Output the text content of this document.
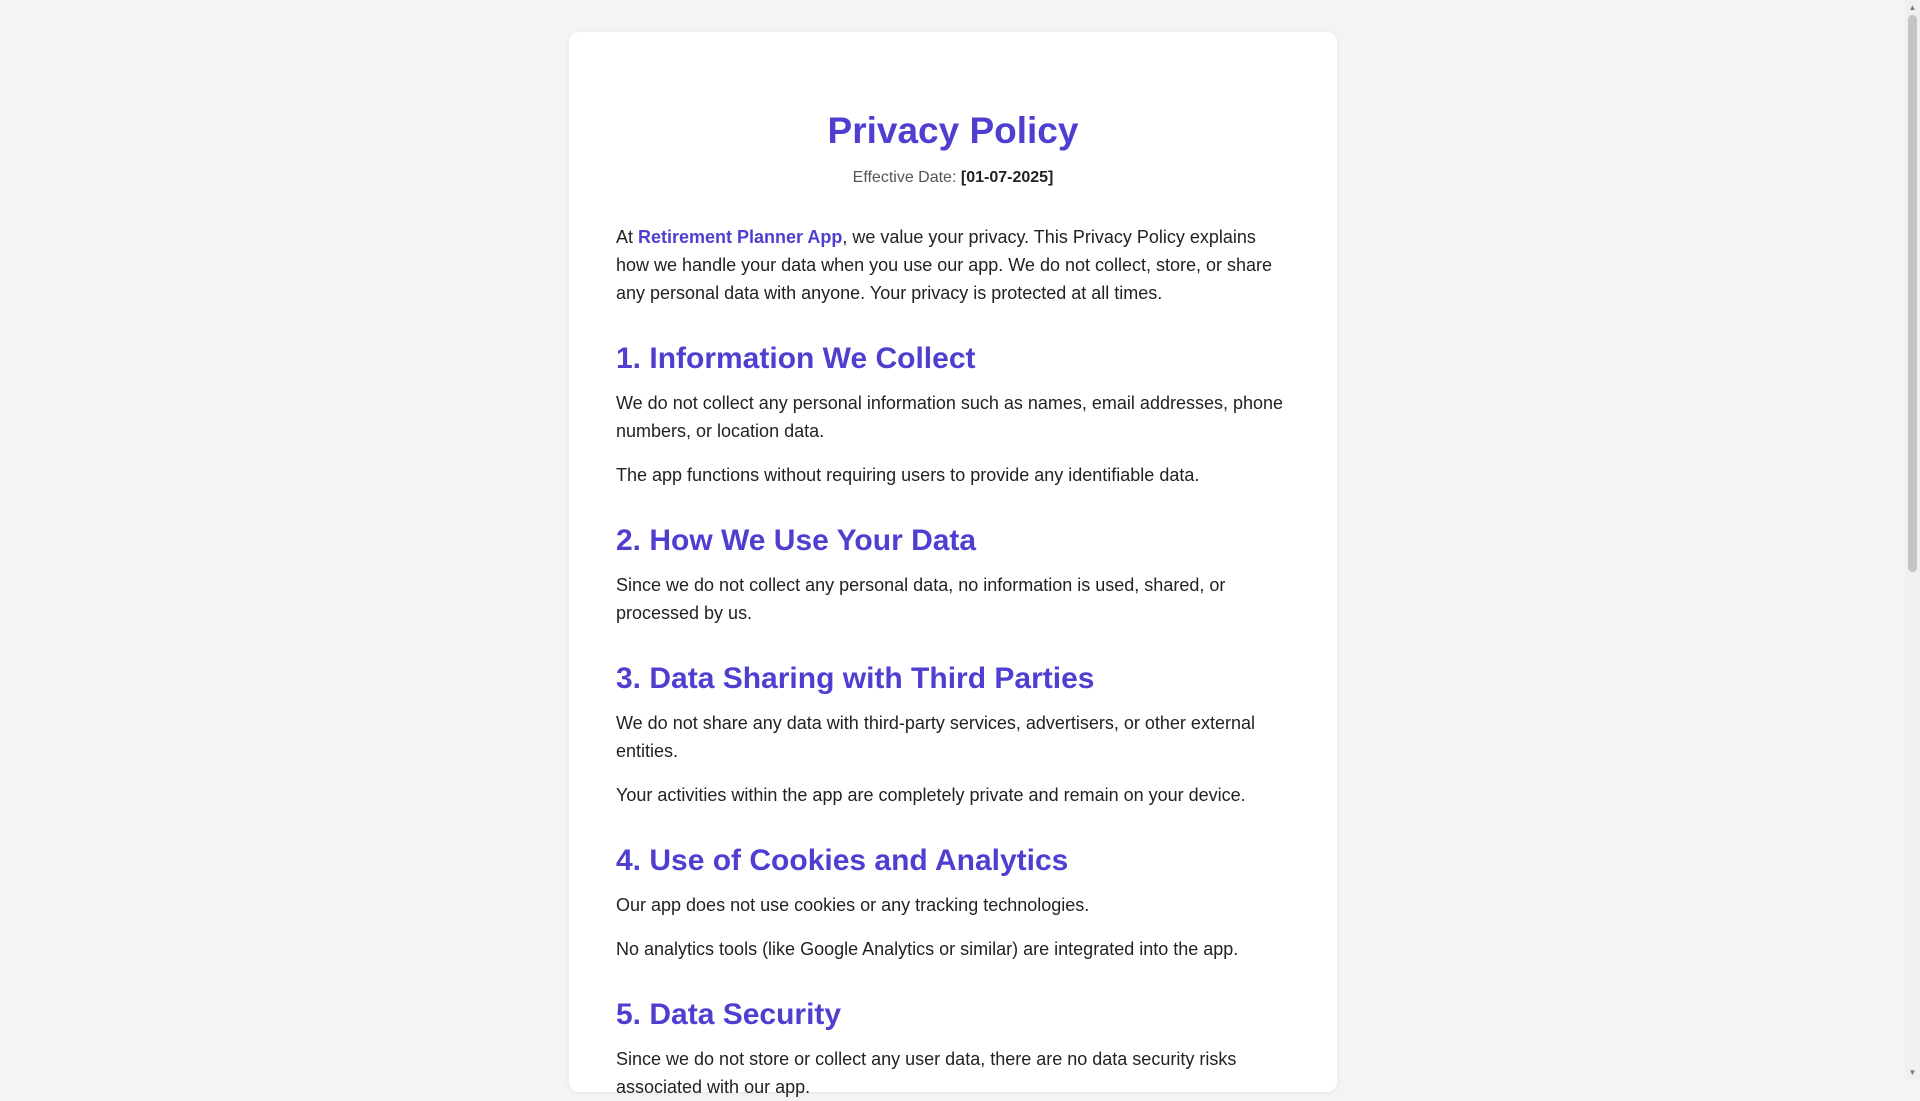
Privacy Policy
Effective Date: [01-07-2025]

At Retirement Planner App, we value your privacy. This Privacy Policy explains how we handle your data when you use our app. We do not collect, store, or share any personal data with anyone. Your privacy is protected at all times.

1. Information We Collect

We do not collect any personal information such as names, email addresses, phone numbers, or location data.

The app functions without requiring users to provide any identifiable data.

2. How We Use Your Data

Since we do not collect any personal data, no information is used, shared, or processed by us.

3. Data Sharing with Third Parties

We do not share any data with third-party services, advertisers, or other external entities.

Your activities within the app are completely private and remain on your device.

4. Use of Cookies and Analytics

Our app does not use cookies or any tracking technologies.

No analytics tools (like Google Analytics or similar) are integrated into the app.

5. Data Security

Since we do not store or collect any user data, there are no data security risks associated with our app.

▲
▼
